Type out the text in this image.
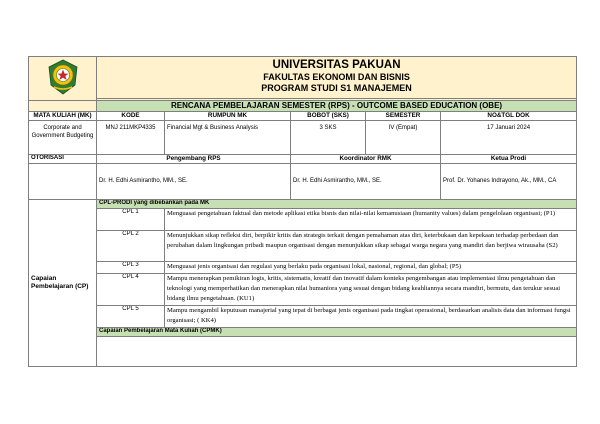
UNIVERSITAS PAKUAN
FAKULTAS EKONOMI DAN BISNIS
PROGRAM STUDI S1 MANAJEMEN				

	RENCANA PEMBELAJARAN SEMESTER (RPS) - OUTCOME BASED EDUCATION (OBE)				
MATA KULIAH (MK)	KODE	RUMPUN MK	BOBOT (SKS)	SEMESTER	NO&TGL DOK
Corporate and Government Budgeting	MNJ 211MKP4335	Financial Mgt & Business Analysis	3 SKS	IV (Empat)	17 Januari 2024
OTORISASI	Pengembang RPS		Koordinator RMK		Ketua Prodi
	Dr. H. Edhi Asmirantho, MM., SE.		Dr. H. Edhi Asmirantho, MM., SE.		Prof. Dr. Yohanes Indrayono, Ak., MM., CA
Capaian Pembelajaran (CP)	CPL-PRODI yang dibebankan pada MK				
	CPL 1	Menguasai pengetahuan faktual dan metode aplikasi etika bisnis dan nilai-nilai kemanusiaan (humanity values) dalam pengelolaan organisasi; (P1)			
	CPL 2	Menunjukkan sikap refleksi diri, berpikir kritis dan strategis terkait dengan pemahaman atas diri, keterbukaan dan kepekaan terhadap perbedaan dan perubahan dalam lingkungan pribadi maupun organisasi dengan menunjukkan sikap sebagai warga negara yang mandiri dan berjiwa wirausaha (S2)			
	CPL 3	Menguasai jenis organisasi dan regulasi yang berlaku pada organisasi lokal, nasional, regional, dan global; (P5)			
	CPL 4	Mampu menerapkan pemikiran logis, kritis, sistematis, kreatif dan inovatif dalam konteks pengembangan atau implementasi ilmu pengetahuan dan teknologi yang memperhatikan dan menerapkan nilai humaniora yang sesuai dengan bidang keahliannya secara mandiri, bermutu, dan terukur sesuai bidang ilmu pengetahuan. (KU1)			
	CPL 5	Mampu mengambil keputusan manajerial yang tepat di berbagai jenis organisasi pada tingkat operasional, berdasarkan analisis data dan informasi fungsi organisasi; ( KK4)			
	Capaian Pembelajaran Mata Kuliah (CPMK)				
